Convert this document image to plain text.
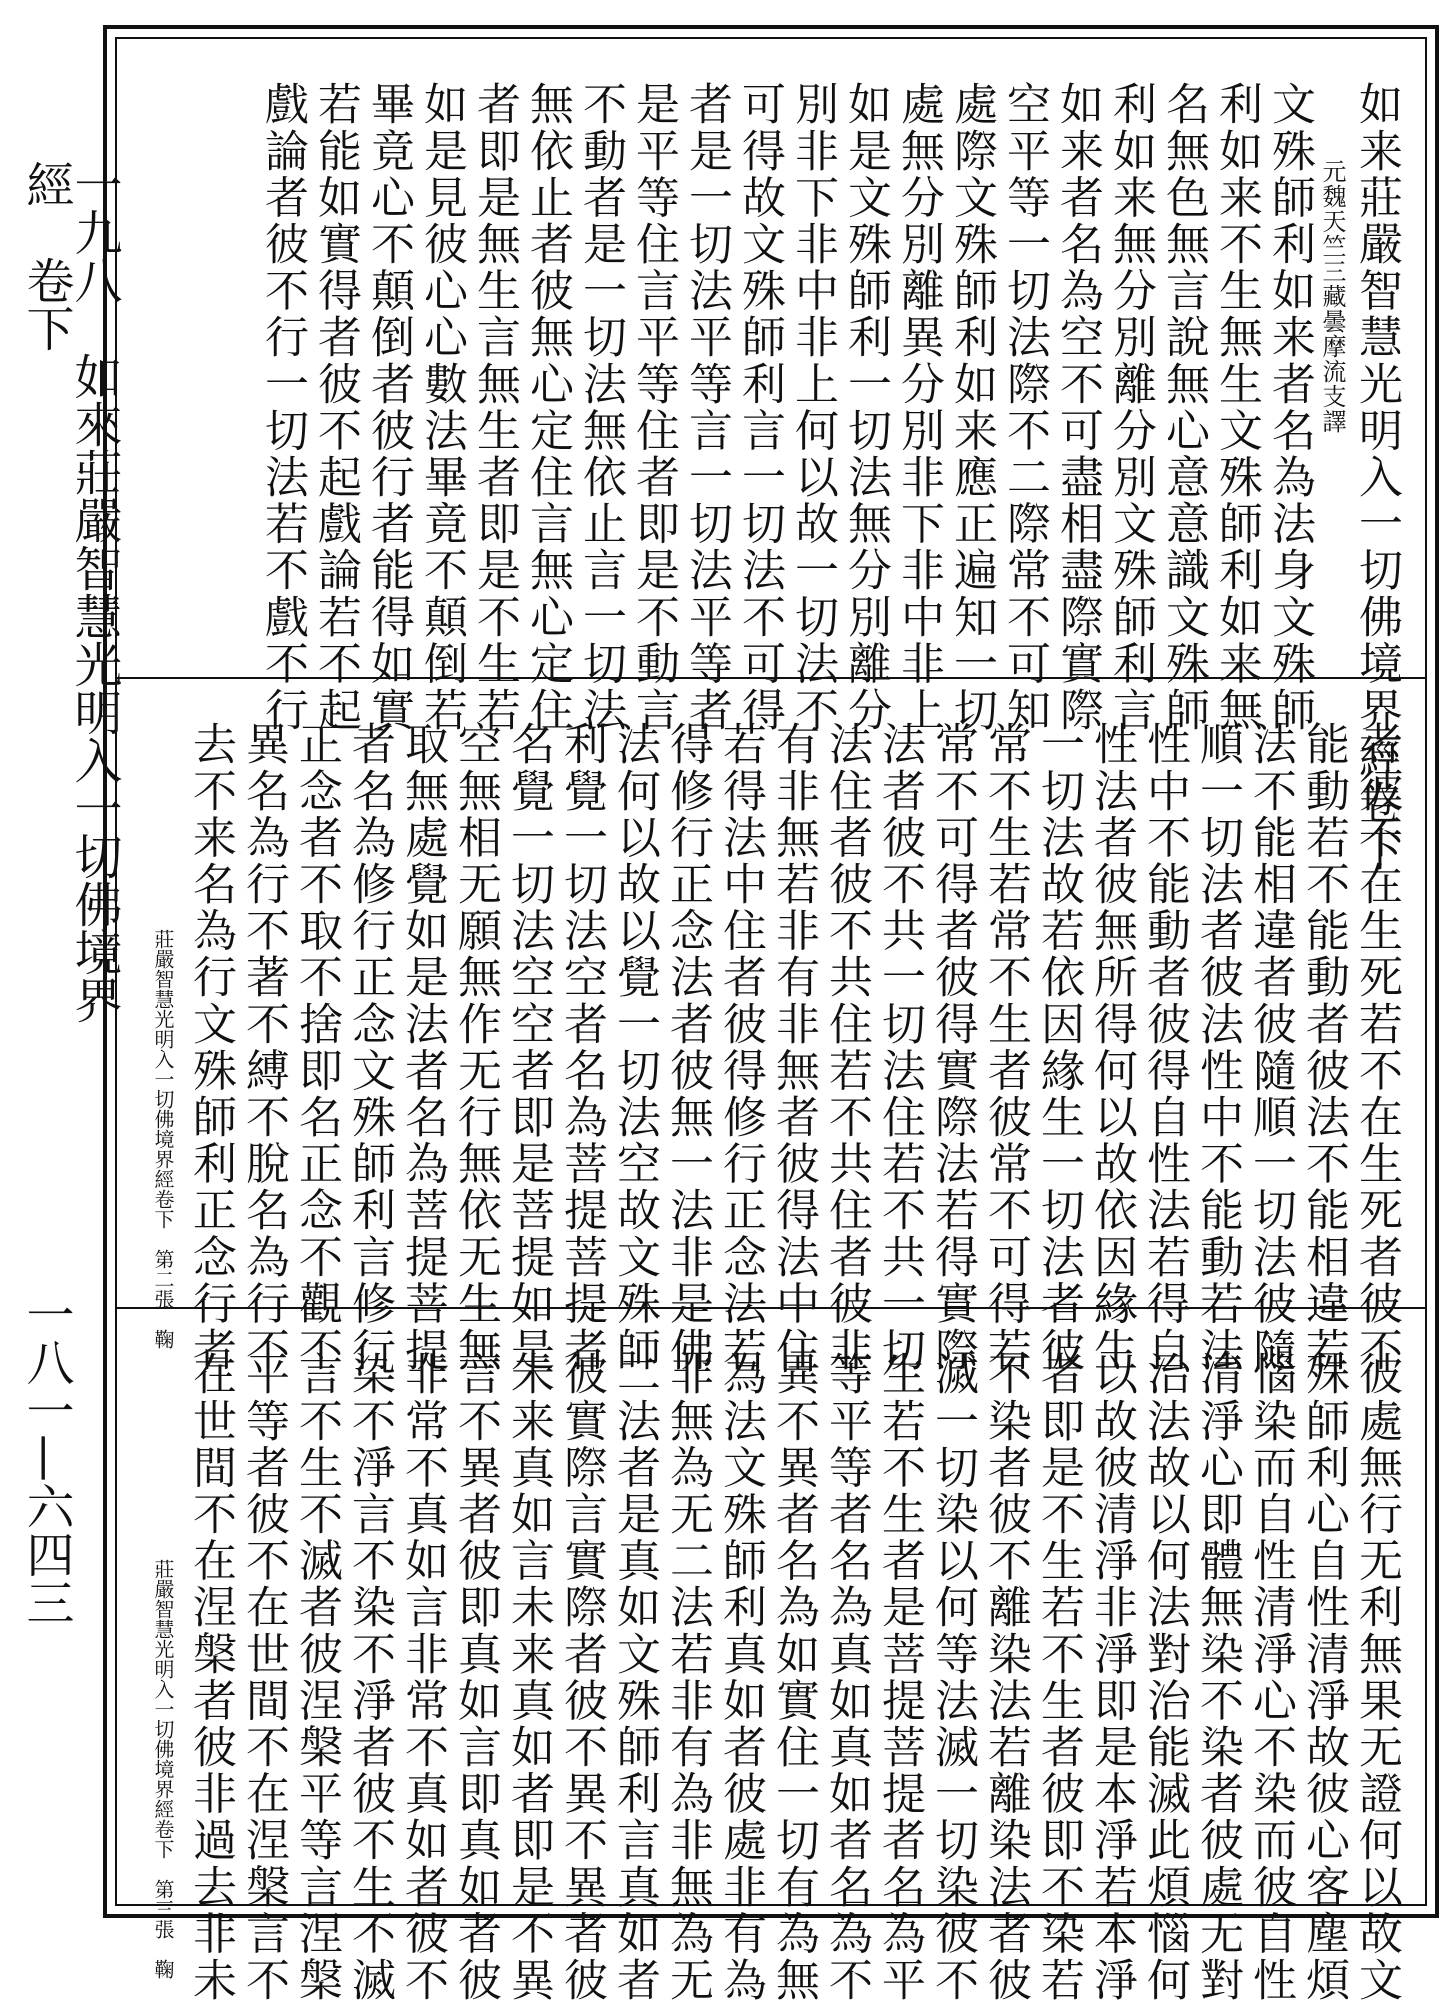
一九八　如來莊嚴智慧光明入一切佛境界經　卷下
一八一—六四三
如来莊嚴智慧光明入一切佛境界經卷下
元魏天竺三藏曇摩流支譯
文殊師利如来者名為法身文殊師
利如来不生無生文殊師利如来無
名無色無言說無心意意識文殊師
利如来無分別離分別文殊師利言
如来者名為空不可盡相盡際實際
空平等一切法際不二際常不可知
處際文殊師利如来應正遍知一切
處無分別離異分別非下非中非上
如是文殊師利一切法無分別離分
別非下非中非上何以故一切法不
可得故文殊師利言一切法不可得
者是一切法平等言一切法平等者
是平等住言平等住者即是不動言
不動者是一切法無依止言一切法
無依止者彼無心定住言無心定住
者即是無生言無生者即是不生若
如是見彼心心數法畢竟不顛倒若
畢竟心不顛倒者彼行者能得如實
若能如實得者彼不起戲論若不起
戲論者彼不行一切法若不戲不行
者彼不在生死若不在生死者彼不
能動若不能動者彼法不能相違若
法不能相違者彼隨順一切法彼隨
順一切法者彼法性中不能動若法
性中不能動者彼得自性法若得自
性法者彼無所得何以故依因緣生
一切法故若依因緣生一切法者彼
常不生若常不生者彼常不可得若
常不可得者彼得實際法若得實際
法者彼不共一切法住若不共一切
法住者彼不共住若不共住者彼非
有非無若非有非無者彼得法中住
若得法中住者彼得修行正念法若
得修行正念法者彼無一法非是佛
法何以故以覺一切法空故文殊師
利覺一切法空者名為菩提菩提者
名覺一切法空空者即是菩提如是
空無相无願無作无行無依无生無
取無處覺如是法者名為菩提菩提
者名為修行正念文殊師利言修行
正念者不取不捨即名正念不觀不
異名為行不著不縛不脫名為行不
去不来名為行文殊師利正念行者
莊嚴智慧光明入一切佛境界經卷下　第二張　鞠
彼處無行无利無果无證何以故文
殊師利心自性清淨故彼心客塵煩
惱染而自性清淨心不染而彼自性
清淨心即體無染不染者彼處无對
治法故以何法對治能滅此煩惱何
以故彼清淨非淨即是本淨若本淨
者即是不生若不生者彼即不染若
不染者彼不離染法若離染法者彼
滅一切染以何等法滅一切染彼不
生若不生者是菩提菩提者名為平
等平等者名為真如真如者名為不
異不異者名為如實住一切有為無
為法文殊師利真如者彼處非有為
非無為无二法若非有為非無為无
二法者是真如文殊師利言真如者
彼實際言實際者彼不異不異者彼
未来真如言未来真如者即是不異
言不異者彼即真如言即真如者彼
非常不真如言非常不真如者彼不
染不淨言不染不淨者彼不生不滅
言不生不滅者彼涅槃平等言涅槃
平等者彼不在世間不在涅槃言不
在世間不在涅槃者彼非過去非未
莊嚴智慧光明入一切佛境界經卷下　第三張　鞠
